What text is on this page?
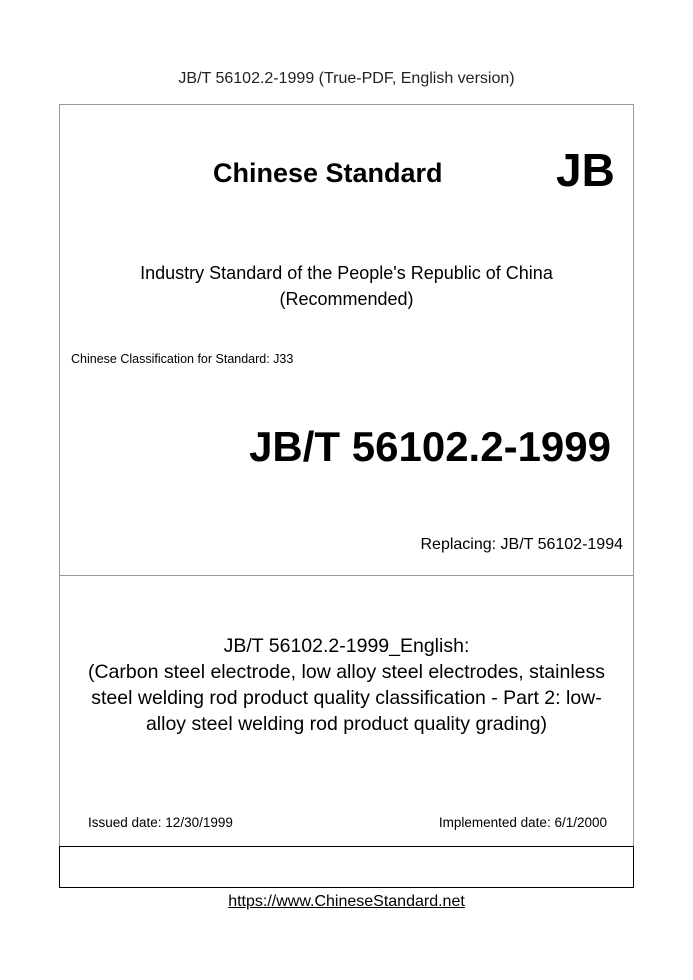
JB/T 56102.2-1999 (True-PDF, English version)
Chinese Standard JB
Industry Standard of the People's Republic of China
(Recommended)
Chinese Classification for Standard: J33
JB/T 56102.2-1999
Replacing: JB/T 56102-1994
JB/T 56102.2-1999_English:
(Carbon steel electrode, low alloy steel electrodes, stainless
steel welding rod product quality classification - Part 2: low-
alloy steel welding rod product quality grading)
Issued date: 12/30/1999	Implemented date: 6/1/2000
https://www.ChineseStandard.net
